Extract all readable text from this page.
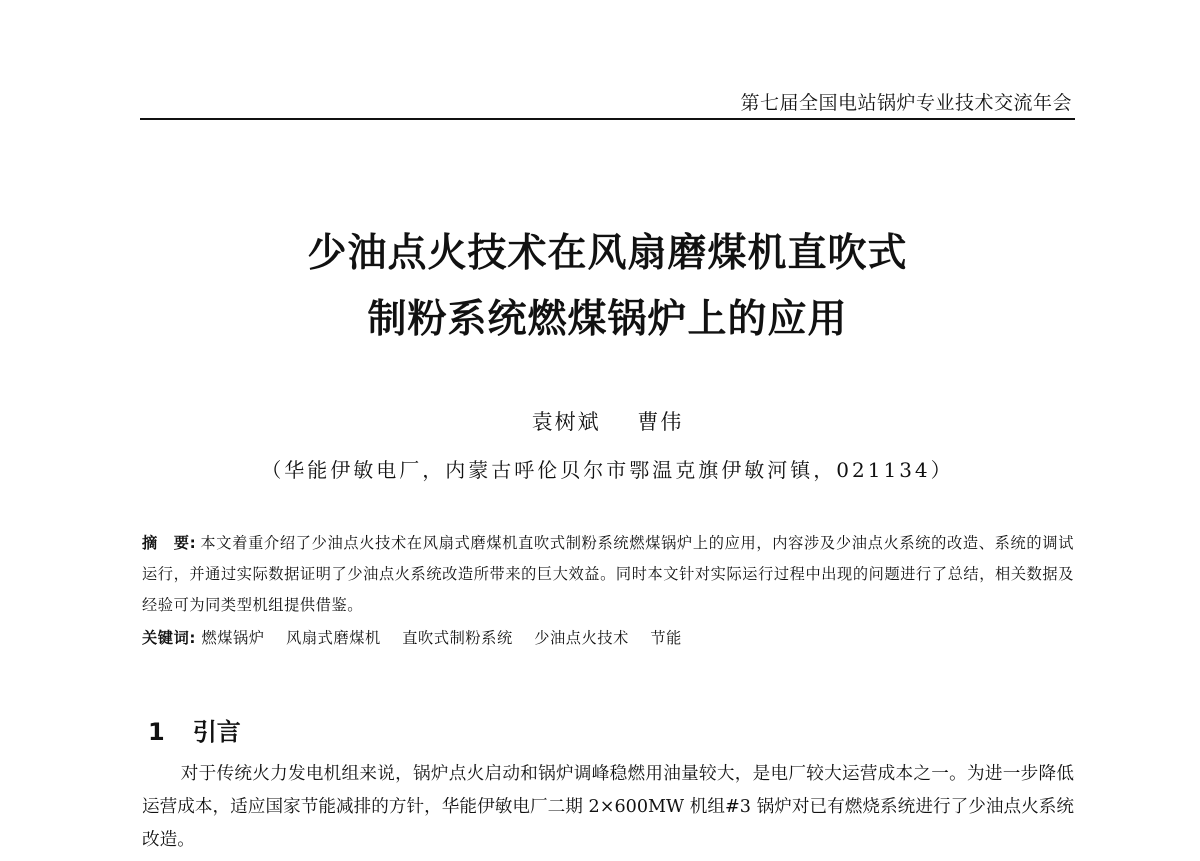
第七届全国电站锅炉专业技术交流年会
少油点火技术在风扇磨煤机直吹式
制粉系统燃煤锅炉上的应用
袁树斌 曹伟
（华能伊敏电厂，内蒙古呼伦贝尔市鄂温克旗伊敏河镇，021134）
摘　要: 本文着重介绍了少油点火技术在风扇式磨煤机直吹式制粉系统燃煤锅炉上的应用，内容涉及少油点火系统的改造、系统的调试运行，并通过实际数据证明了少油点火系统改造所带来的巨大效益。同时本文针对实际运行过程中出现的问题进行了总结，相关数据及经验可为同类型机组提供借鉴。
关键词: 燃煤锅炉 风扇式磨煤机 直吹式制粉系统 少油点火技术 节能
1 引言
对于传统火力发电机组来说，锅炉点火启动和锅炉调峰稳燃用油量较大，是电厂较大运营成本之一。为进一步降低运营成本，适应国家节能减排的方针，华能伊敏电厂二期 2×600MW 机组#3 锅炉对已有燃烧系统进行了少油点火系统改造。
